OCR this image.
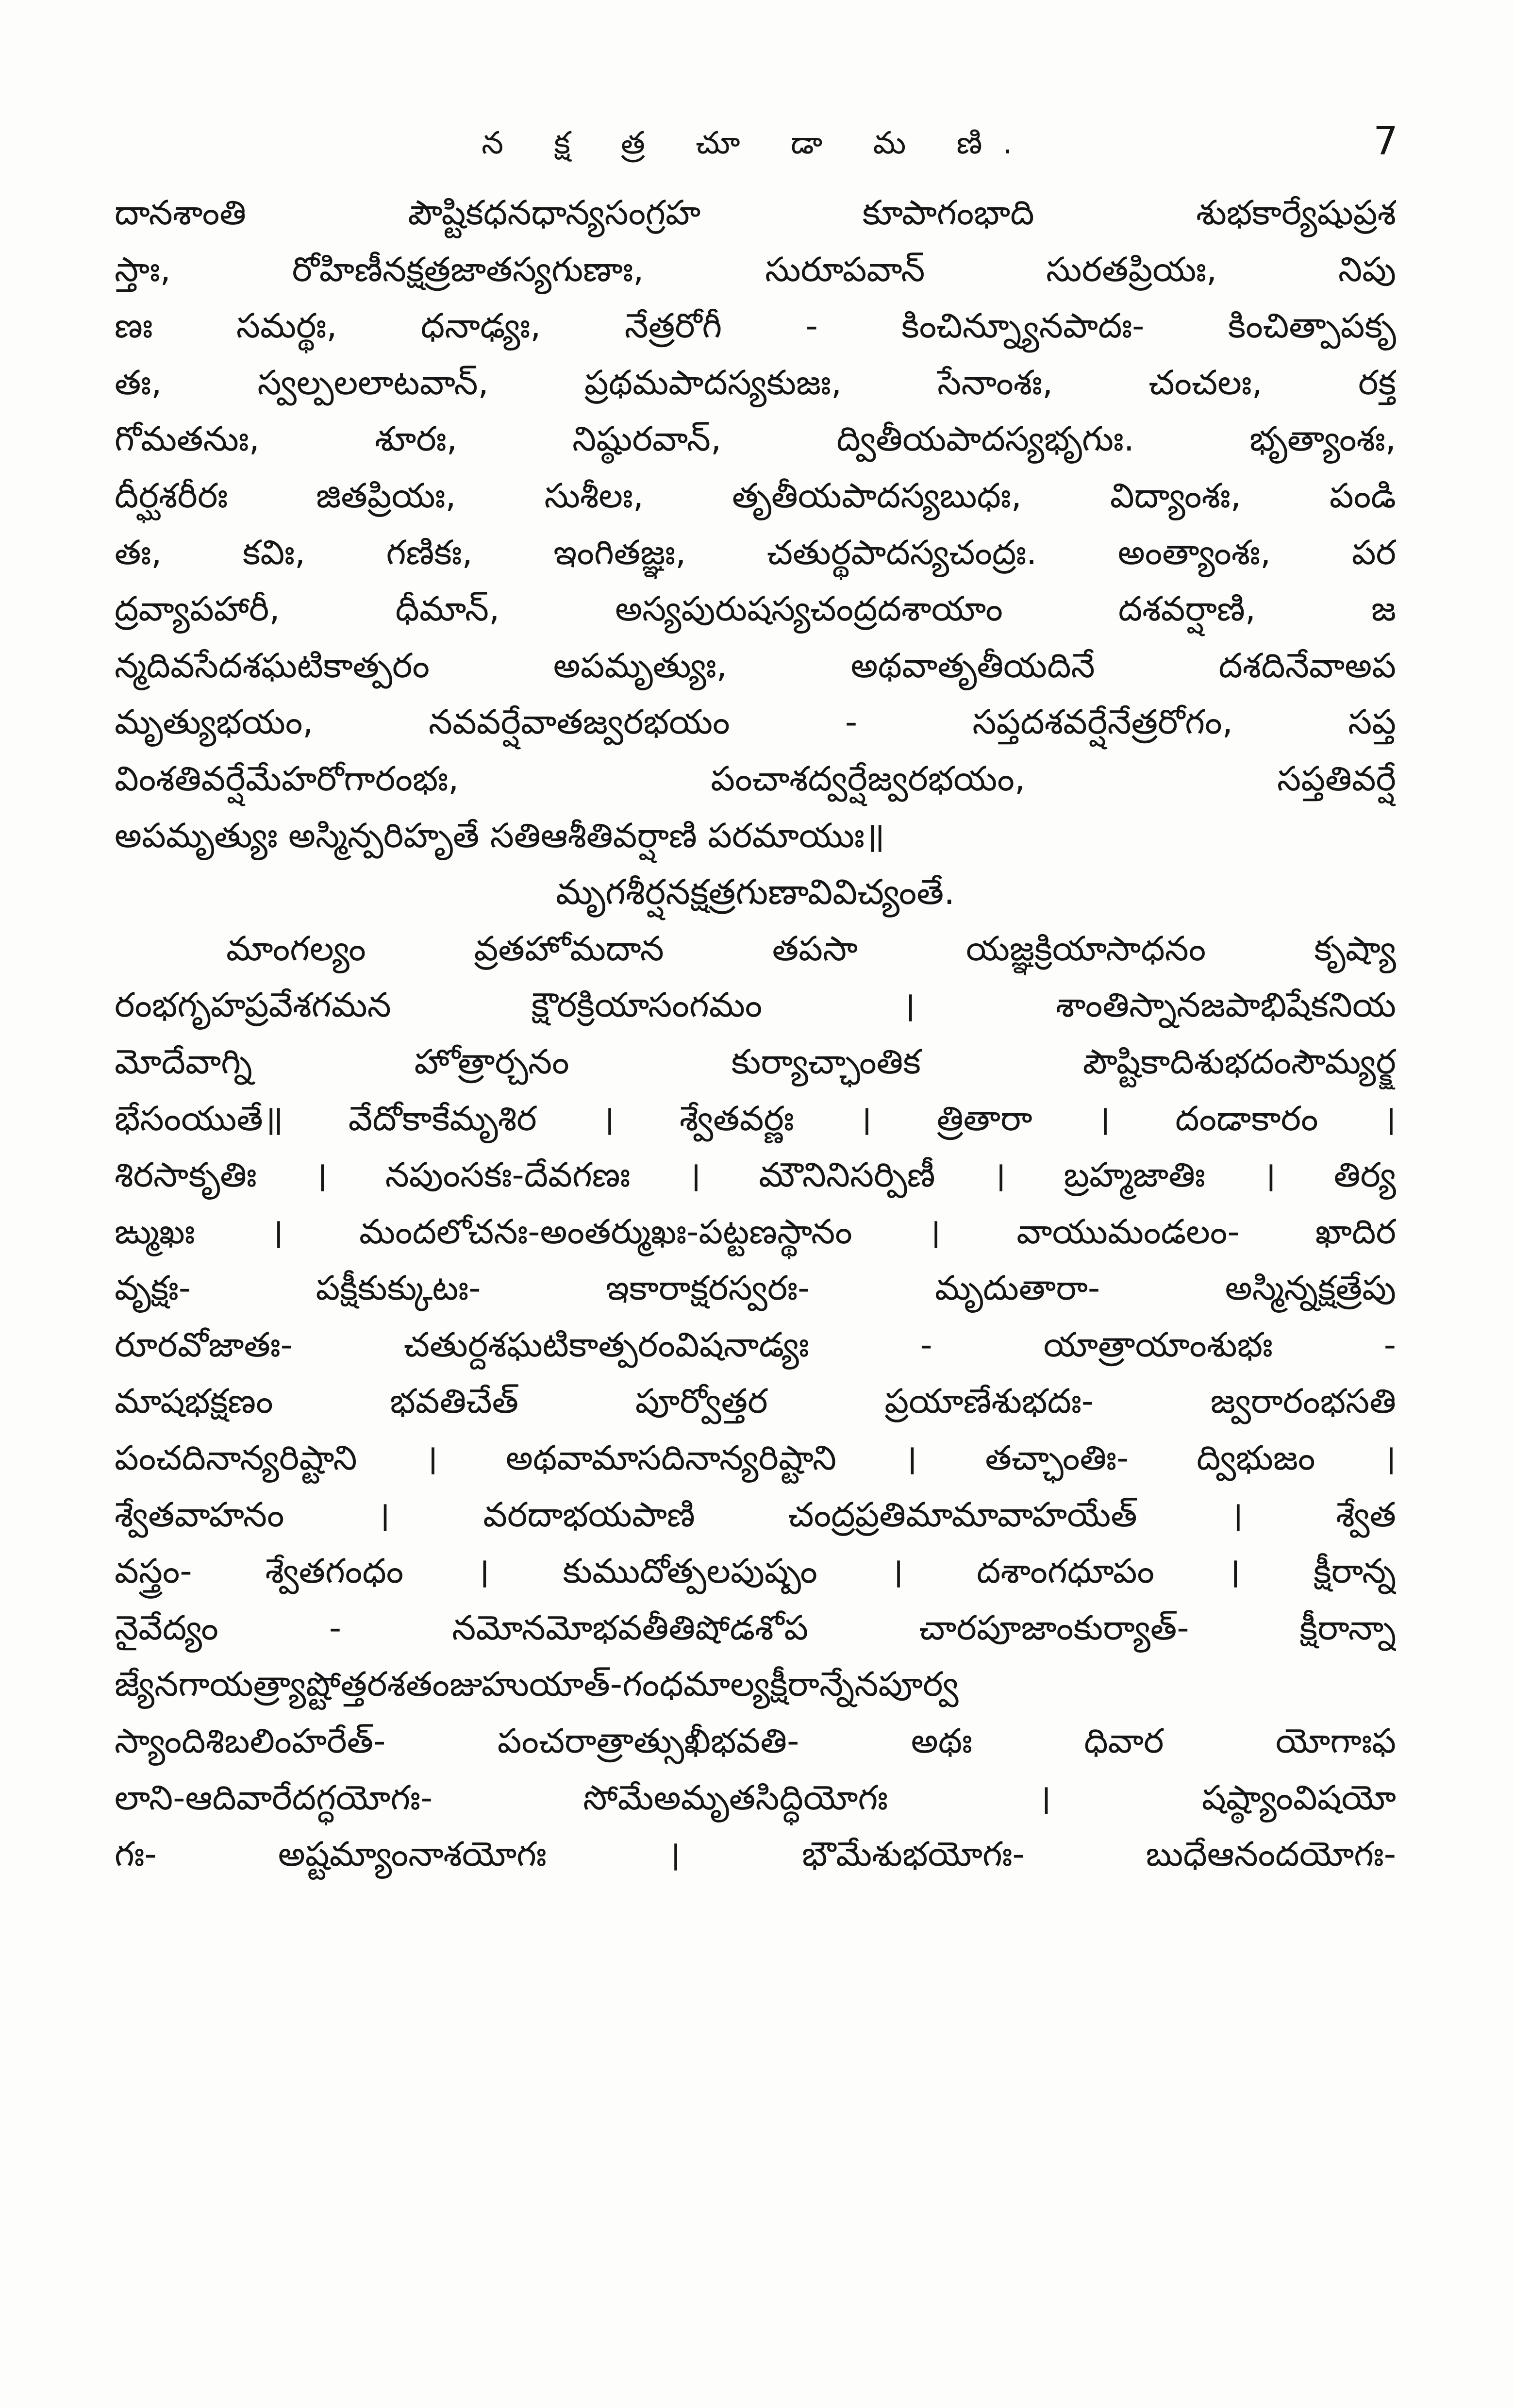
న క్ష త్ర చూ డా మ ణి.	7
దానశాంతి పౌష్టికధనధాన్యసంగ్రహ కూపాగంభాది శుభకార్యేషుప్రశ
స్తాః, రోహిణీనక్షత్రజాతస్యగుణాః, సురూపవాన్ సురతప్రియః, నిపు
ణః సమర్థః, ధనాఢ్యః, నేత్రరోగీ - కించిన్న్యూనపాదః- కించిత్పాపకృ
తః, స్వల్పలలాటవాన్, ప్రథమపాదస్యకుజః, సేనాంశః, చంచలః, రక్త
గోమతనుః, శూరః, నిష్ఠురవాన్, ద్వితీయపాదస్యభృగుః. భృత్యాంశః,
దీర్ఘశరీరః జితప్రియః, సుశీలః, తృతీయపాదస్యబుధః, విద్యాంశః, పండి
తః, కవిః, గణికః, ఇంగితజ్ఞః, చతుర్థపాదస్యచంద్రః. అంత్యాంశః, పర
ద్రవ్యాపహారీ, ధీమాన్, అస్యపురుషస్యచంద్రదశాయాం దశవర్షాణి, జ
న్మదివసేదశఘటికాత్పరం అపమృత్యుః, అథవాతృతీయదినే దశదినేవాఅప
మృత్యుభయం, నవవర్షేవాతజ్వరభయం - సప్తదశవర్షేనేత్రరోగం, సప్త
వింశతివర్షేమేహరోగారంభః, పంచాశద్వర్షేజ్వరభయం, సప్తతివర్షే
అపమృత్యుః అస్మిన్పరిహృతే సతిఆశీతివర్షాణి పరమాయుః॥
మృగశీర్షనక్షత్రగుణావివిచ్యంతే.
మాంగల్యం వ్రతహోమదాన తపసా యజ్ఞక్రియాసాధనం కృష్యా
రంభగృహప్రవేశగమన క్షౌరక్రియాసంగమం । శాంతిస్నానజపాభిషేకనియ
మోదేవాగ్ని హోత్రార్చనం కుర్యాచ్ఛాంతిక పౌష్టికాదిశుభదంసౌమ్యర్క్ష
భేసంయుతే॥ వేదోకాకేమృశిర । శ్వేతవర్ణః । త్రితారా । దండాకారం ।
శిరసాకృతిః । నపుంసకః-దేవగణః । మౌనినిసర్పిణీ । బ్రహ్మజాతిః । తిర్య
ఙ్ముఖః । మందలోచనః-అంతర్ముఖః-పట్టణస్థానం । వాయుమండలం- ఖాదిర
వృక్షః- పక్షీకుక్కుటః- ఇకారాక్షరస్వరః- మృదుతారా- అస్మిన్నక్షత్రేపు
రూరవోజాతః- చతుర్దశఘటికాత్పరంవిషనాడ్యః - యాత్రాయాంశుభః -
మాషభక్షణం భవతిచేత్ పూర్వోత్తర ప్రయాణేశుభదః- జ్వరారంభసతి
పంచదినాన్యరిష్టాని । అథవామాసదినాన్యరిష్టాని । తచ్ఛాంతిః- ద్విభుజం ।
శ్వేతవాహనం । వరదాభయపాణి చంద్రప్రతిమామావాహయేత్ । శ్వేత
వస్త్రం- శ్వేతగంధం । కుముదోత్పలపుష్పం । దశాంగధూపం । క్షీరాన్న
నైవేద్యం - నమోనమోభవతీతిషోడశోప చారపూజాంకుర్యాత్- క్షీరాన్నా
జ్యేనగాయత్ర్యాష్టోత్తరశతంజుహుయాత్-గంధమాల్యక్షీరాన్నేనపూర్వ
స్యాందిశిబలింహరేత్- పంచరాత్రాత్సుఖీభవతి- అథః ధివార యోగాఃఫ
లాని-ఆదివారేదగ్ధయోగః- సోమేఅమృతసిద్ధియోగః । షష్ఠ్యాంవిషయో
గః- అష్టమ్యాంనాశయోగః । భౌమేశుభయోగః- బుధేఆనందయోగః-
